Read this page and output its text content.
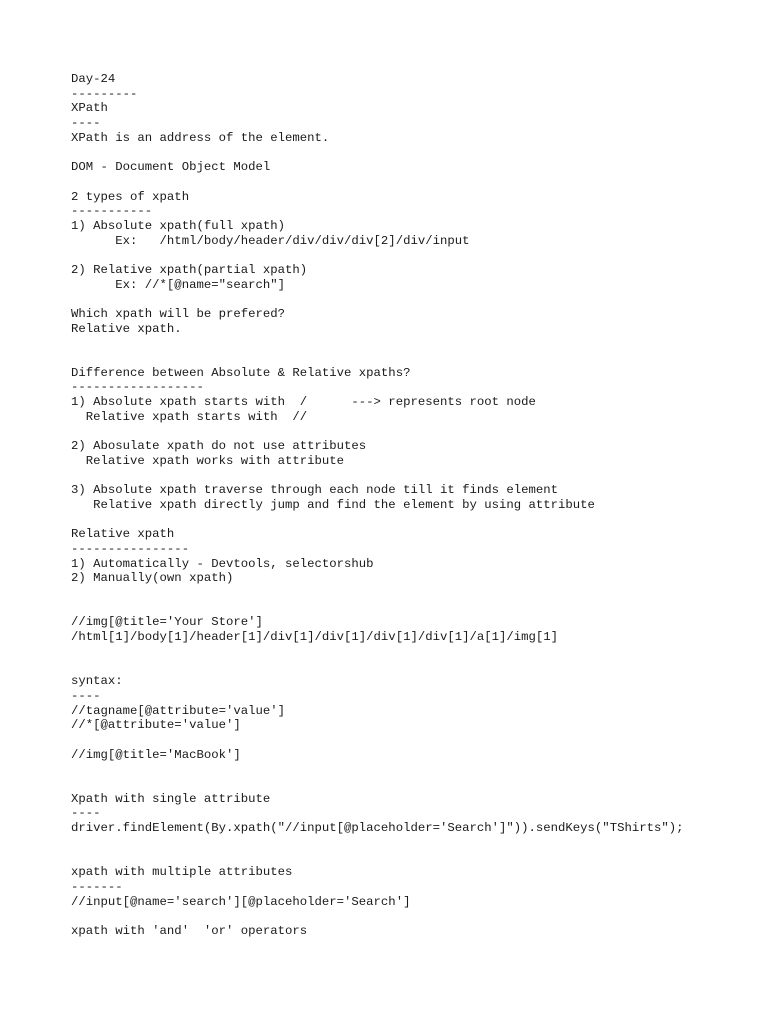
Day-24
---------
XPath
----
XPath is an address of the element.
DOM - Document Object Model
2 types of xpath
-----------
1) Absolute xpath(full xpath)
Ex:   /html/body/header/div/div/div[2]/div/input
2) Relative xpath(partial xpath)
Ex: //*[@name="search"]
Which xpath will be prefered?
Relative xpath.
Difference between Absolute & Relative xpaths?
------------------
1) Absolute xpath starts with  /      ---> represents root node
Relative xpath starts with  //
2) Abosulate xpath do not use attributes
Relative xpath works with attribute
3) Absolute xpath traverse through each node till it finds element
Relative xpath directly jump and find the element by using attribute
Relative xpath
----------------
1) Automatically - Devtools, selectorshub
2) Manually(own xpath)
//img[@title='Your Store']
/html[1]/body[1]/header[1]/div[1]/div[1]/div[1]/div[1]/a[1]/img[1]
syntax:
----
//tagname[@attribute='value']
//*[@attribute='value']
//img[@title='MacBook']
Xpath with single attribute
----
driver.findElement(By.xpath("//input[@placeholder='Search']")).sendKeys("TShirts");
xpath with multiple attributes
-------
//input[@name='search'][@placeholder='Search']
xpath with 'and'  'or' operators
